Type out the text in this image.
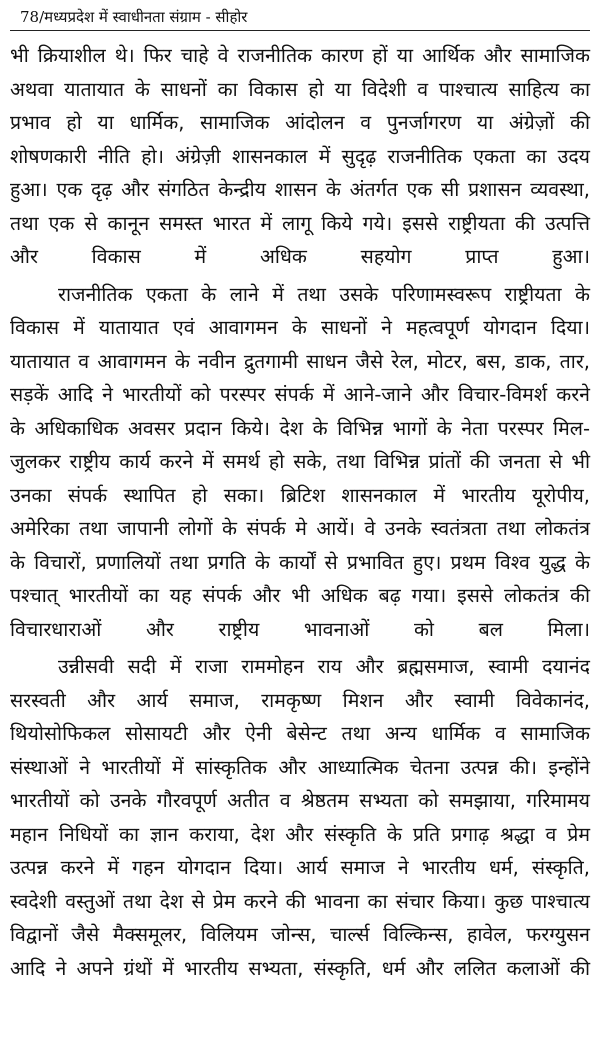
78/मध्यप्रदेश में स्वाधीनता संग्राम - सीहोर
भी क्रियाशील थे। फिर चाहे वे राजनीतिक कारण हों या आर्थिक और सामाजिक
अथवा यातायात के साधनों का विकास हो या विदेशी व पाश्चात्य साहित्य का
प्रभाव हो या धार्मिक, सामाजिक आंदोलन व पुनर्जागरण या अंग्रेज़ों की
शोषणकारी नीति हो। अंग्रेज़ी शासनकाल में सुदृढ़ राजनीतिक एकता का उदय
हुआ। एक दृढ़ और संगठित केन्द्रीय शासन के अंतर्गत एक सी प्रशासन व्यवस्था,
तथा एक से कानून समस्त भारत में लागू किये गये। इससे राष्ट्रीयता की उत्पत्ति
और विकास में अधिक सहयोग प्राप्त हुआ।
राजनीतिक एकता के लाने में तथा उसके परिणामस्वरूप राष्ट्रीयता के
विकास में यातायात एवं आवागमन के साधनों ने महत्वपूर्ण योगदान दिया।
यातायात व आवागमन के नवीन द्रुतगामी साधन जैसे रेल, मोटर, बस, डाक, तार,
सड़कें आदि ने भारतीयों को परस्पर संपर्क में आने-जाने और विचार-विमर्श करने
के अधिकाधिक अवसर प्रदान किये। देश के विभिन्न भागों के नेता परस्पर मिल-
जुलकर राष्ट्रीय कार्य करने में समर्थ हो सके, तथा विभिन्न प्रांतों की जनता से भी
उनका संपर्क स्थापित हो सका। ब्रिटिश शासनकाल में भारतीय यूरोपीय,
अमेरिका तथा जापानी लोगों के संपर्क मे आयें। वे उनके स्वतंत्रता तथा लोकतंत्र
के विचारों, प्रणालियों तथा प्रगति के कार्यों से प्रभावित हुए। प्रथम विश्व युद्ध के
पश्चात् भारतीयों का यह संपर्क और भी अधिक बढ़ गया। इससे लोकतंत्र की
विचारधाराओं और राष्ट्रीय भावनाओं को बल मिला।
उन्नीसवी सदी में राजा राममोहन राय और ब्रह्मसमाज, स्वामी दयानंद
सरस्वती और आर्य समाज, रामकृष्ण मिशन और स्वामी विवेकानंद,
थियोसोफिकल सोसायटी और ऐनी बेसेन्ट तथा अन्य धार्मिक व सामाजिक
संस्थाओं ने भारतीयों में सांस्कृतिक और आध्यात्मिक चेतना उत्पन्न की। इन्होंने
भारतीयों को उनके गौरवपूर्ण अतीत व श्रेष्ठतम सभ्यता को समझाया, गरिमामय
महान निधियों का ज्ञान कराया, देश और संस्कृति के प्रति प्रगाढ़ श्रद्धा व प्रेम
उत्पन्न करने में गहन योगदान दिया। आर्य समाज ने भारतीय धर्म, संस्कृति,
स्वदेशी वस्तुओं तथा देश से प्रेम करने की भावना का संचार किया। कुछ पाश्चात्य
विद्वानों जैसे मैक्समूलर, विलियम जोन्स, चार्ल्स विल्किन्स, हावेल, फरग्युसन
आदि ने अपने ग्रंथों में भारतीय सभ्यता, संस्कृति, धर्म और ललित कलाओं की
